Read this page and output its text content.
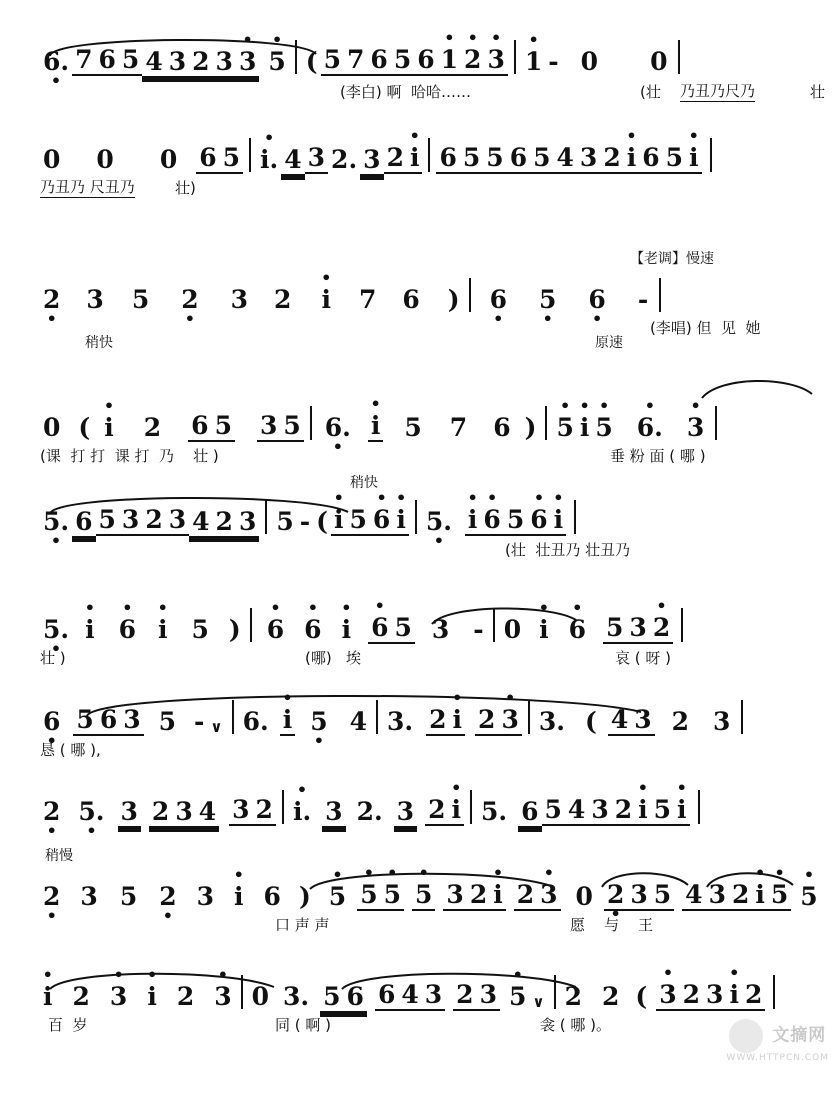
6. • 7 6 5 4 3 2 3 • 3 • 5 ( 5 7 6 5 6 • 1 • 2 • 3 • 1 - 0 0

(李白) 啊  哈哈……

	(壮

乃丑乃尺乃

	壮

0 0 0 6 5 • i. 4 3 2. 3 2 • i 6 5 5 6 5 4 3 2 • i 6 5 • i

乃丑乃 尺丑乃

	壮)

【老调】慢速

2 • 3 5 2 • 3 2 • i 7 6 ) 6 • 5 • 6 • -

(李唱) 但  见  她

稍快

	原速

0 ( • i 2 6 5 3 5 6. • • i 5 7 6 ) • 5 • i • 5 • 6. • 3

(课  打 打  课 打  乃    壮 )

	垂 粉 面 ( 哪 )

稍快

5. • 6 5 3 2 3 4 2 3 5 - ( • i 5 • 6 • i 5. • • i • 6 5 • 6 • i

(壮  壮丑乃 壮丑乃

5. • • i • 6 • i 5 ) • 6 • 6 • i • 6 5 3 - 0 • i • 6 5 3 • 2

壮 )

	(哪)   埃

	哀 ( 呀 )

6 • 5 6 3 5 - ∨ 6. • i 5 • 4 3. 2 • i 2 • 3 3. ( 4 3 2 3

恳 ( 哪 ),

2 • 5. • 3 2 3 4 3 2 • i. 3 2. 3 2 • i 5. 6 5 4 3 2 • i 5 • i

稍慢

2 • 3 5 2 • 3 • i 6 ) • 5 • 5 • 5 • 5 3 2 • i 2 • 3 0 2 • 3 5 4 3 2 • i • 5 • 5

口 声 声

	愿    与    王

• i 2 • 3 • i 2 • 3 0 3. 5 6 6 4 3 2 3 • 5 ∨ 2 2 ( • 3 2 3 • i 2

百  岁

	同 ( 啊 )

	衾 ( 哪 )。

文摘网
WWW.HTTPCN.COM
